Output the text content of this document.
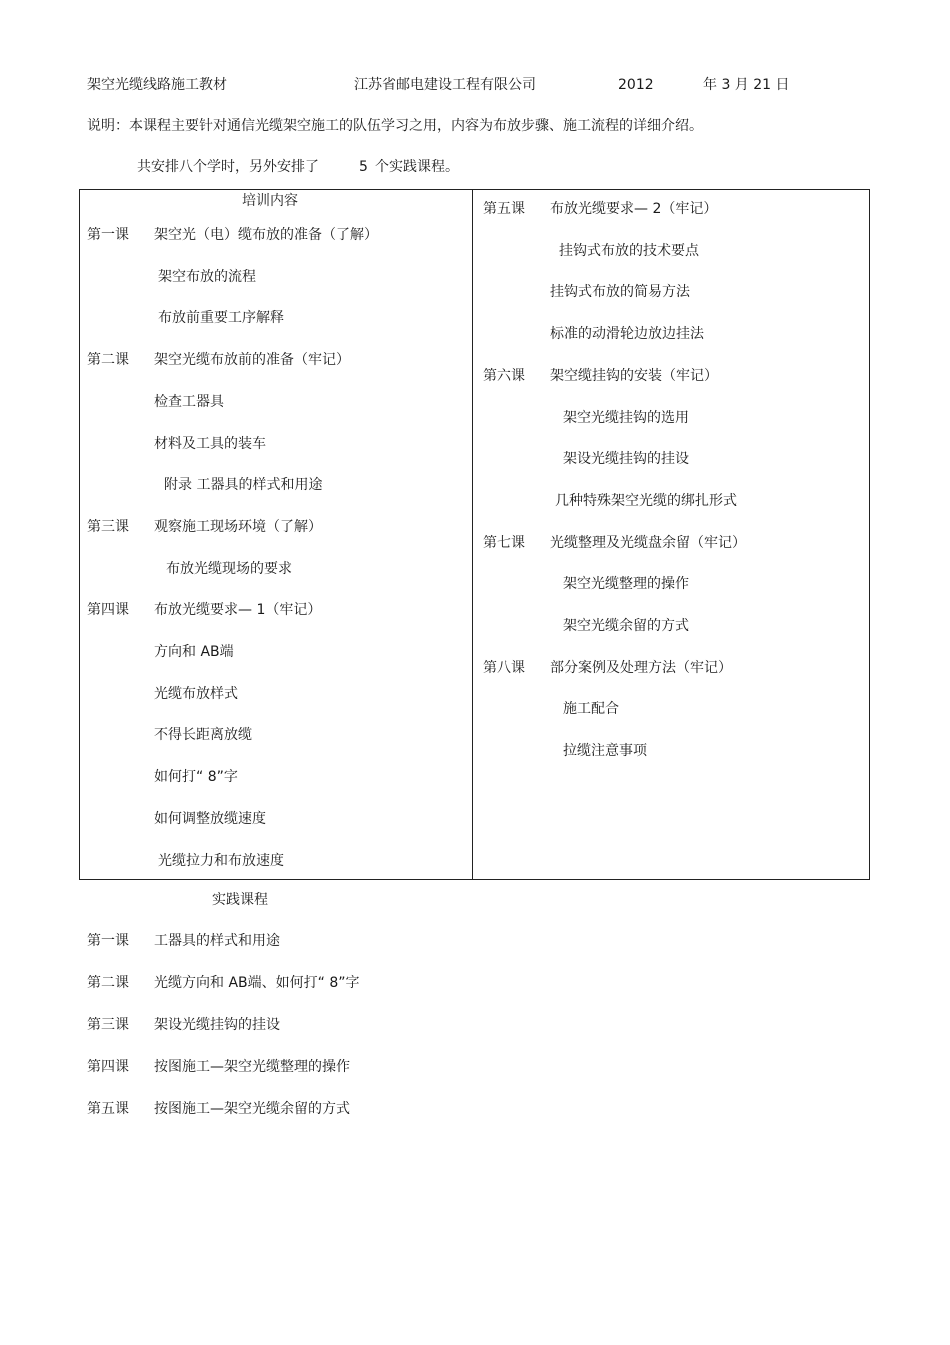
架空光缆线路施工教材	江苏省邮电建设工程有限公司	2012	年 3 月 21 日
说明：本课程主要针对通信光缆架空施工的队伍学习之用，内容为布放步骤、施工流程的详细介绍。
共安排八个学时，另外安排了	5 个实践课程。
培训内容
第一课 架空光（电）缆布放的准备（了解）
架空布放的流程
布放前重要工序解释
第二课 架空光缆布放前的准备（牢记）
检查工器具
材料及工具的装车
附录 工器具的样式和用途
第三课 观察施工现场环境（了解）
布放光缆现场的要求
第四课 布放光缆要求— 1（牢记）
方向和 AB端
光缆布放样式
不得长距离放缆
如何打“ 8”字
如何调整放缆速度
光缆拉力和布放速度
第五课 布放光缆要求— 2（牢记）
挂钩式布放的技术要点
挂钩式布放的简易方法
标准的动滑轮边放边挂法
第六课 架空缆挂钩的安装（牢记）
架空光缆挂钩的选用
架设光缆挂钩的挂设
几种特殊架空光缆的绑扎形式
第七课 光缆整理及光缆盘余留（牢记）
架空光缆整理的操作
架空光缆余留的方式
第八课 部分案例及处理方法（牢记）
施工配合
拉缆注意事项
实践课程
第一课 工器具的样式和用途
第二课 光缆方向和 AB端、如何打“ 8”字
第三课 架设光缆挂钩的挂设
第四课 按图施工—架空光缆整理的操作
第五课 按图施工—架空光缆余留的方式
